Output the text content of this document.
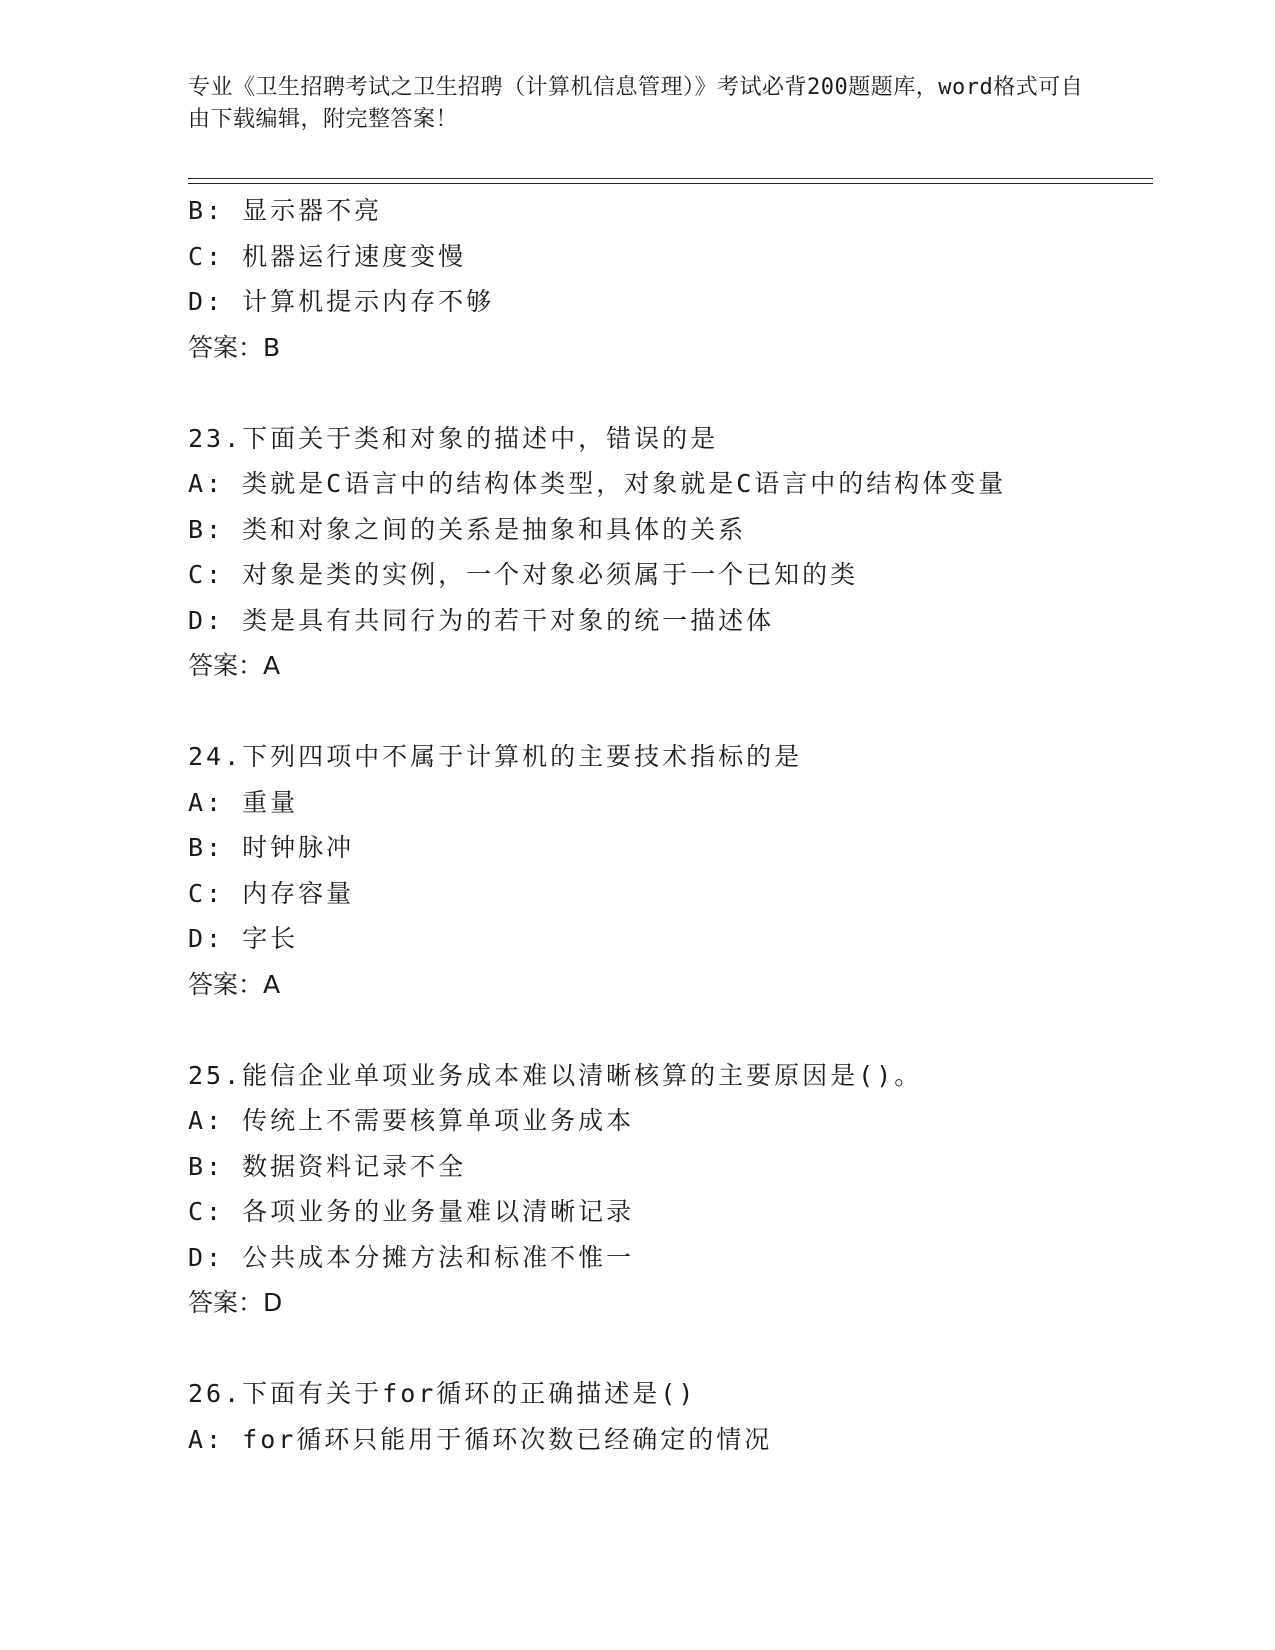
专业《卫生招聘考试之卫生招聘（计算机信息管理）》考试必背200题题库，word格式可自由下载编辑，附完整答案！
B: 显示器不亮
C: 机器运行速度变慢
D: 计算机提示内存不够
答案：B
23.下面关于类和对象的描述中，错误的是
A: 类就是C语言中的结构体类型，对象就是C语言中的结构体变量
B: 类和对象之间的关系是抽象和具体的关系
C: 对象是类的实例，一个对象必须属于一个已知的类
D: 类是具有共同行为的若干对象的统一描述体
答案：A
24.下列四项中不属于计算机的主要技术指标的是
A: 重量
B: 时钟脉冲
C: 内存容量
D: 字长
答案：A
25.能信企业单项业务成本难以清晰核算的主要原因是()。
A: 传统上不需要核算单项业务成本
B: 数据资料记录不全
C: 各项业务的业务量难以清晰记录
D: 公共成本分摊方法和标准不惟一
答案：D
26.下面有关于for循环的正确描述是()
A: for循环只能用于循环次数已经确定的情况
